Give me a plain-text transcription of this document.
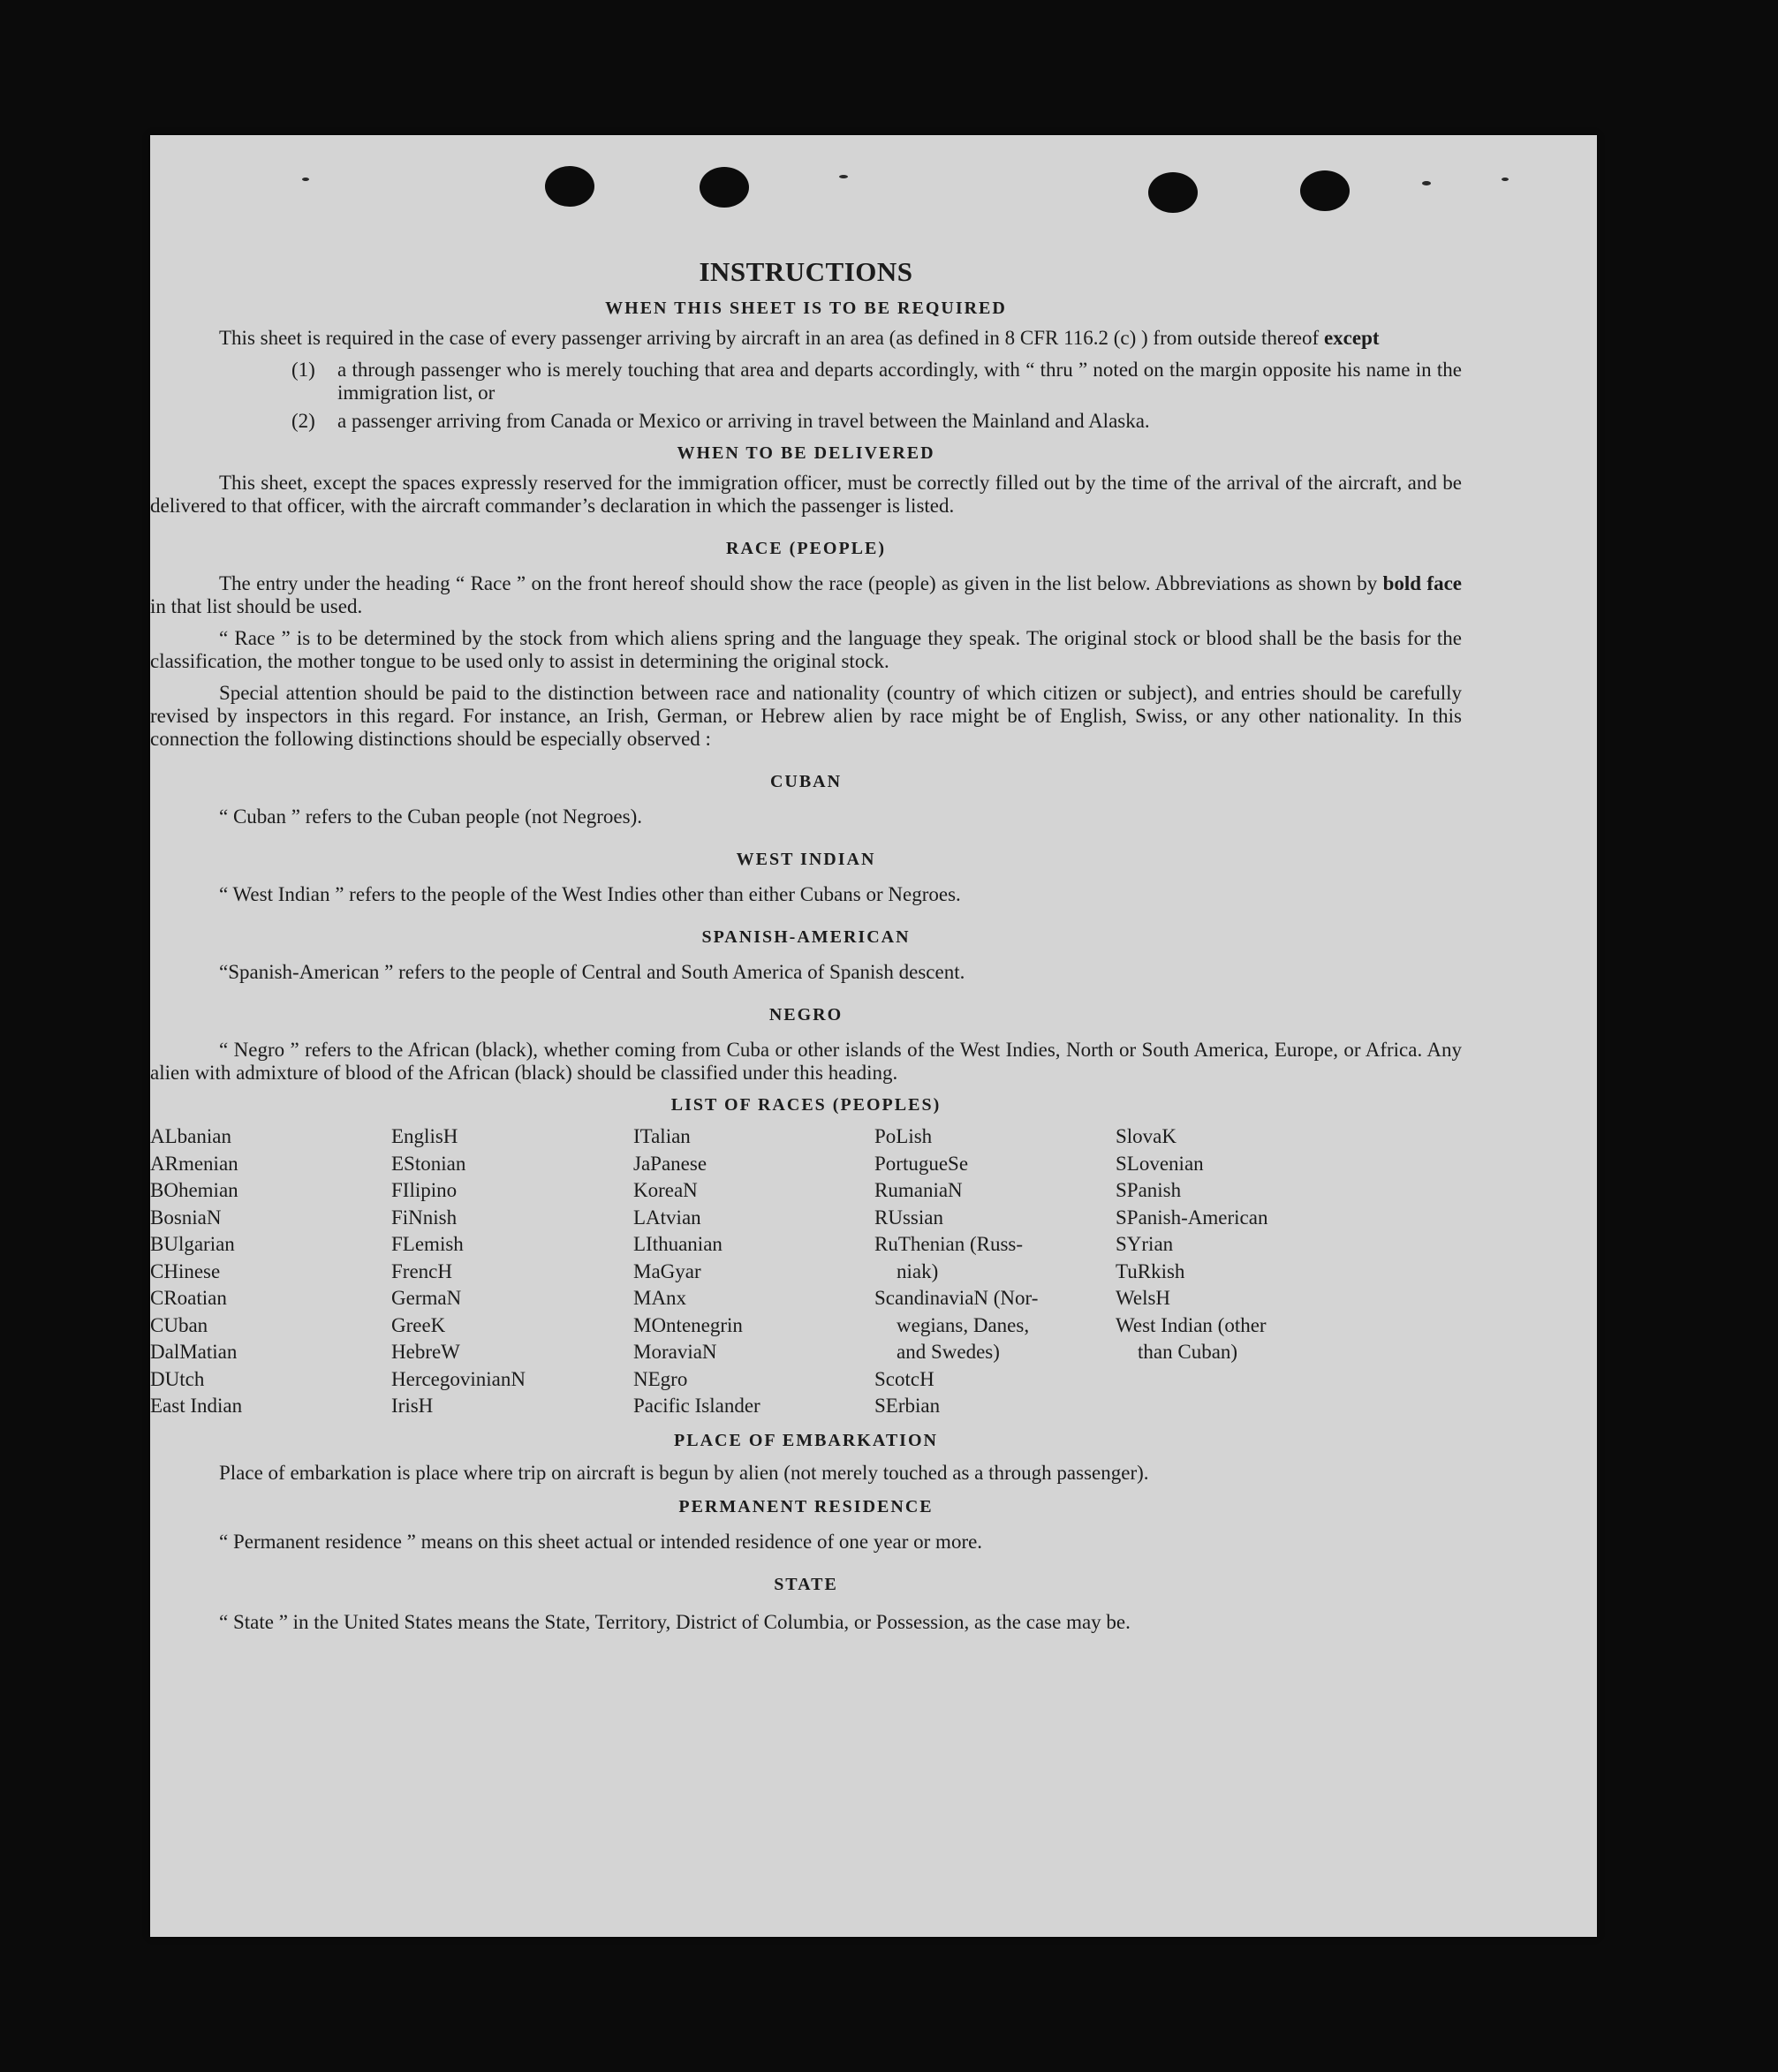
INSTRUCTIONS
WHEN THIS SHEET IS TO BE REQUIRED

This sheet is required in the case of every passenger arriving by aircraft in an area (as defined in 8 CFR 116.2 (c) ) from outside thereof except

(1)	a through passenger who is merely touching that area and departs accordingly, with “ thru ” noted on the margin opposite his name in the immigration list, or
(2)	a passenger arriving from Canada or Mexico or arriving in travel between the Mainland and Alaska.
WHEN TO BE DELIVERED

This sheet, except the spaces expressly reserved for the immigration officer, must be correctly filled out by the time of the arrival of the aircraft, and be delivered to that officer, with the aircraft commander’s declaration in which the passenger is listed.

RACE (PEOPLE)

The entry under the heading “ Race ” on the front hereof should show the race (people) as given in the list below. Abbreviations as shown by bold face in that list should be used.

“ Race ” is to be determined by the stock from which aliens spring and the language they speak. The original stock or blood shall be the basis for the classification, the mother tongue to be used only to assist in determining the original stock.

Special attention should be paid to the distinction between race and nationality (country of which citizen or subject), and entries should be carefully revised by inspectors in this regard. For instance, an Irish, German, or Hebrew alien by race might be of English, Swiss, or any other nationality. In this connection the following distinctions should be especially observed :

CUBAN

“ Cuban ” refers to the Cuban people (not Negroes).

WEST INDIAN

“ West Indian ” refers to the people of the West Indies other than either Cubans or Negroes.

SPANISH-AMERICAN

“Spanish-American ” refers to the people of Central and South America of Spanish descent.

NEGRO

“ Negro ” refers to the African (black), whether coming from Cuba or other islands of the West Indies, North or South America, Europe, or Africa. Any alien with admixture of blood of the African (black) should be classified under this heading.

LIST OF RACES (PEOPLES)
ALbanian
ARmenian
BOhemian
BosniaN
BUlgarian
CHinese
CRoatian
CUban
DalMatian
DUtch
East Indian
EnglisH
EStonian
FIlipino
FiNnish
FLemish
FrencH
GermaN
GreeK
HebreW
HercegovinianN
IrisH
ITalian
JaPanese
KoreaN
LAtvian
LIthuanian
MaGyar
MAnx
MOntenegrin
MoraviaN
NEgro
Pacific Islander
PoLish
PortugueSe
RumaniaN
RUssian
RuThenian (Russ-
niak)
ScandinaviaN (Nor-
wegians, Danes,
and Swedes)
ScotcH
SErbian
SlovaK
SLovenian
SPanish
SPanish-American
SYrian
TuRkish
WelsH
West Indian (other
than Cuban)
PLACE OF EMBARKATION

Place of embarkation is place where trip on aircraft is begun by alien (not merely touched as a through passenger).

PERMANENT RESIDENCE

“ Permanent residence ” means on this sheet actual or intended residence of one year or more.

STATE

“ State ” in the United States means the State, Territory, District of Columbia, or Possession, as the case may be.
